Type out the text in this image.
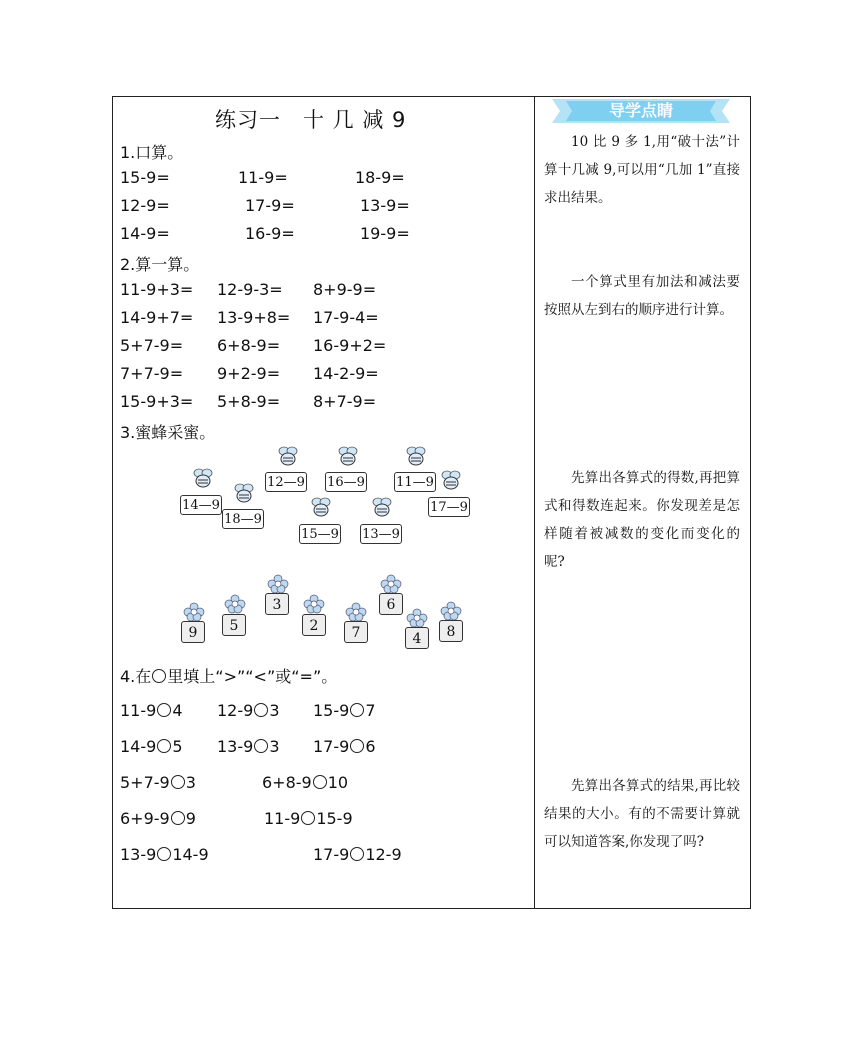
练习一　十 几 减 9
1.口算。
15-9=	11-9=	18-9=
12-9=	17-9=	13-9=
14-9=	16-9=	19-9=
2.算一算。
11-9+3= 12-9-3= 8+9-9=
14-9+7= 13-9+8= 17-9-4=
5+7-9= 6+8-9= 16-9+2=
7+7-9= 9+2-9= 14-2-9=
15-9+3= 5+8-9= 8+7-9=
3.蜜蜂采蜜。
12—9 16—9 11—9
14—9
18—9
17—9
15—9 13—9
9	5
3
2	7
6
4	8
4.在 里填上“>”“<”或“=”。
11-9 4 12-9 3 15-9 7
14-9 5 13-9 3 17-9 6
5+7-9 3	6+8-9 10
6+9-9 9	11-9 15-9
13-9 14-9	17-9 12-9
导学点睛
10 比 9 多 1,用“破十法”计算十几减 9,可以用“几加 1”直接求出结果。
一个算式里有加法和减法要按照从左到右的顺序进行计算。
先算出各算式的得数,再把算式和得数连起来。你发现差是怎样随着被减数的变化而变化的呢?
先算出各算式的结果,再比较结果的大小。有的不需要计算就可以知道答案,你发现了吗?
